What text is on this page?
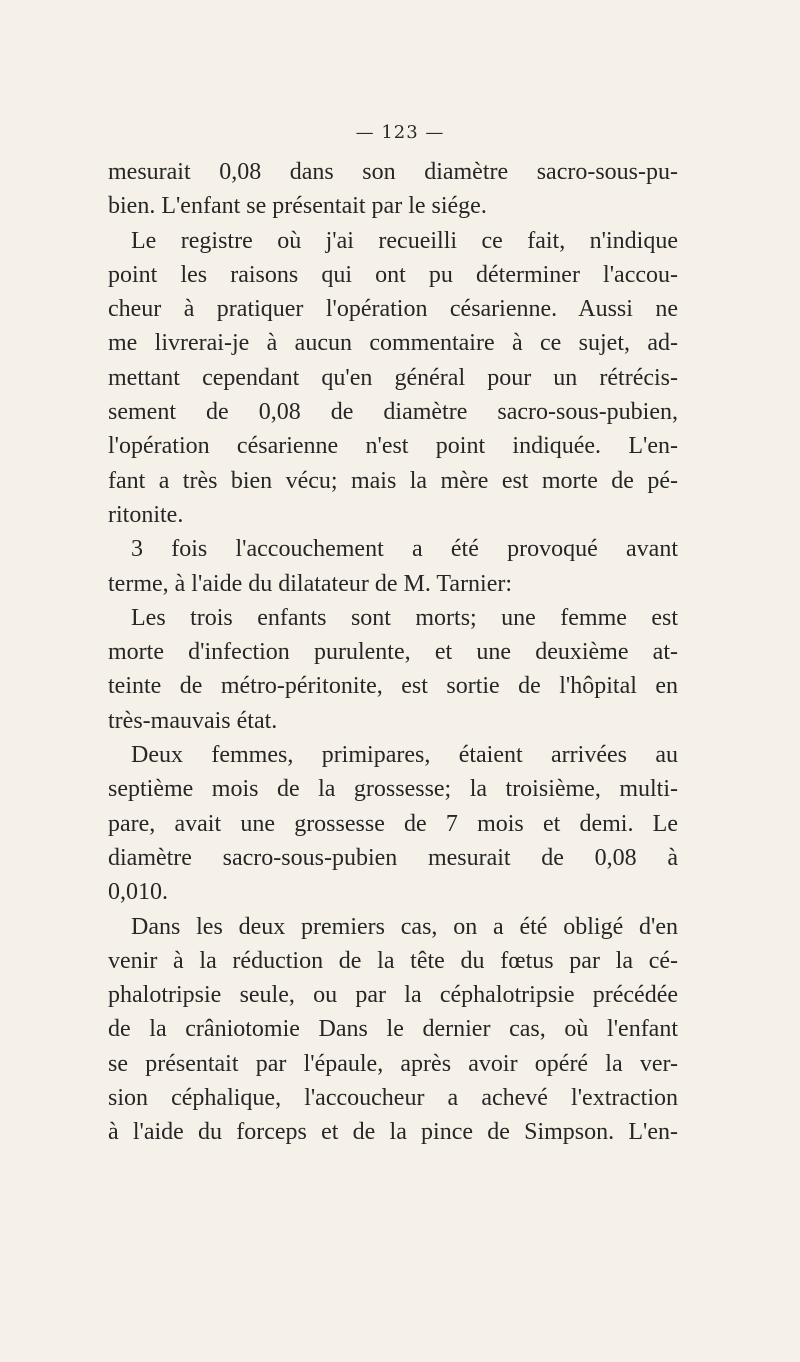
— 123 —
mesurait 0,08 dans son diamètre sacro-sous-pu-
bien. L'enfant se présentait par le siége.
Le registre où j'ai recueilli ce fait, n'indique
point les raisons qui ont pu déterminer l'accou-
cheur à pratiquer l'opération césarienne. Aussi ne
me livrerai-je à aucun commentaire à ce sujet, ad-
mettant cependant qu'en général pour un rétrécis-
sement de 0,08 de diamètre sacro-sous-pubien,
l'opération césarienne n'est point indiquée. L'en-
fant a très bien vécu; mais la mère est morte de pé-
ritonite.
3 fois l'accouchement a été provoqué avant
terme, à l'aide du dilatateur de M. Tarnier:
Les trois enfants sont morts; une femme est
morte d'infection purulente, et une deuxième at-
teinte de métro-péritonite, est sortie de l'hôpital en
très-mauvais état.
Deux femmes, primipares, étaient arrivées au
septième mois de la grossesse; la troisième, multi-
pare, avait une grossesse de 7 mois et demi. Le
diamètre sacro-sous-pubien mesurait de 0,08 à
0,010.
Dans les deux premiers cas, on a été obligé d'en
venir à la réduction de la tête du fœtus par la cé-
phalotripsie seule, ou par la céphalotripsie précédée
de la crâniotomie Dans le dernier cas, où l'enfant
se présentait par l'épaule, après avoir opéré la ver-
sion céphalique, l'accoucheur a achevé l'extraction
à l'aide du forceps et de la pince de Simpson. L'en-
